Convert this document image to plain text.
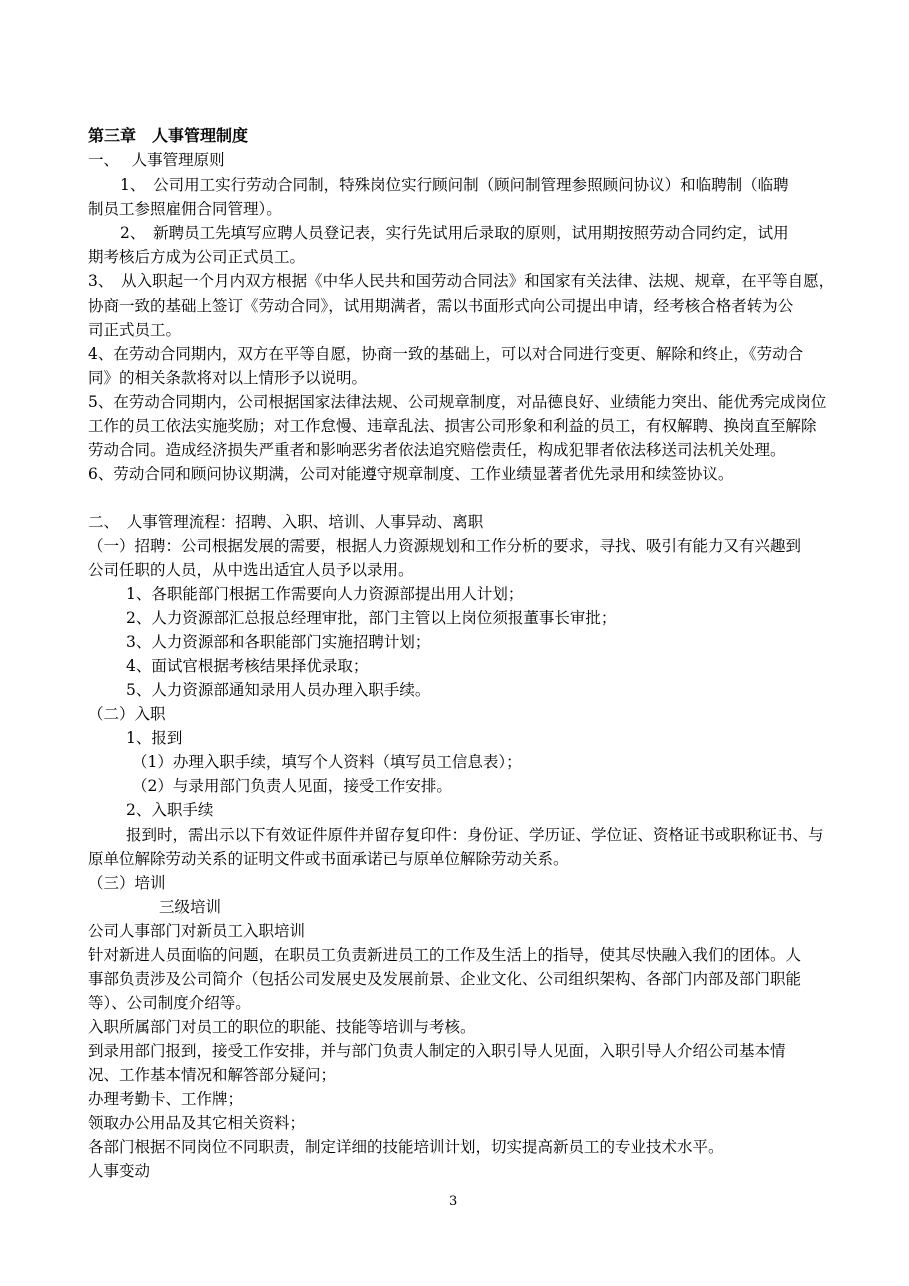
第三章　人事管理制度
一、　 人事管理原则
1、　公司用工实行劳动合同制，特殊岗位实行顾问制（顾问制管理参照顾问协议）和临聘制（临聘
制员工参照雇佣合同管理）。
2、　新聘员工先填写应聘人员登记表，实行先试用后录取的原则，试用期按照劳动合同约定，试用
期考核后方成为公司正式员工。
3、　从入职起一个月内双方根据《中华人民共和国劳动合同法》和国家有关法律、法规、规章，在平等自愿，
协商一致的基础上签订《劳动合同》，试用期满者，需以书面形式向公司提出申请，经考核合格者转为公
司正式员工。
4、在劳动合同期内，双方在平等自愿，协商一致的基础上，可以对合同进行变更、解除和终止，《劳动合
同》的相关条款将对以上情形予以说明。
5、在劳动合同期内，公司根据国家法律法规、公司规章制度，对品德良好、业绩能力突出、能优秀完成岗位
工作的员工依法实施奖励；对工作怠慢、违章乱法、损害公司形象和利益的员工，有权解聘、换岗直至解除
劳动合同。造成经济损失严重者和影响恶劣者依法追究赔偿责任，构成犯罪者依法移送司法机关处理。
6、劳动合同和顾问协议期满，公司对能遵守规章制度、工作业绩显著者优先录用和续签协议。
二、　人事管理流程：招聘、入职、培训、人事异动、离职
（一）招聘：公司根据发展的需要，根据人力资源规划和工作分析的要求，寻找、吸引有能力又有兴趣到
公司任职的人员，从中选出适宜人员予以录用。
1、各职能部门根据工作需要向人力资源部提出用人计划；
2、人力资源部汇总报总经理审批，部门主管以上岗位须报董事长审批；
3、人力资源部和各职能部门实施招聘计划；
4、面试官根据考核结果择优录取；
5、人力资源部通知录用人员办理入职手续。
（二）入职
1、报到
（1）办理入职手续，填写个人资料（填写员工信息表）；
（2）与录用部门负责人见面，接受工作安排。
2、入职手续
报到时，需出示以下有效证件原件并留存复印件：身份证、学历证、学位证、资格证书或职称证书、与
原单位解除劳动关系的证明文件或书面承诺已与原单位解除劳动关系。
（三）培训
三级培训
公司人事部门对新员工入职培训
针对新进人员面临的问题，在职员工负责新进员工的工作及生活上的指导，使其尽快融入我们的团体。人
事部负责涉及公司简介（包括公司发展史及发展前景、企业文化、公司组织架构、各部门内部及部门职能
等）、公司制度介绍等。
入职所属部门对员工的职位的职能、技能等培训与考核。
到录用部门报到，接受工作安排，并与部门负责人制定的入职引导人见面，入职引导人介绍公司基本情
况、工作基本情况和解答部分疑问；
办理考勤卡、工作牌；
领取办公用品及其它相关资料；
各部门根据不同岗位不同职责，制定详细的技能培训计划，切实提高新员工的专业技术水平。
人事变动
3
